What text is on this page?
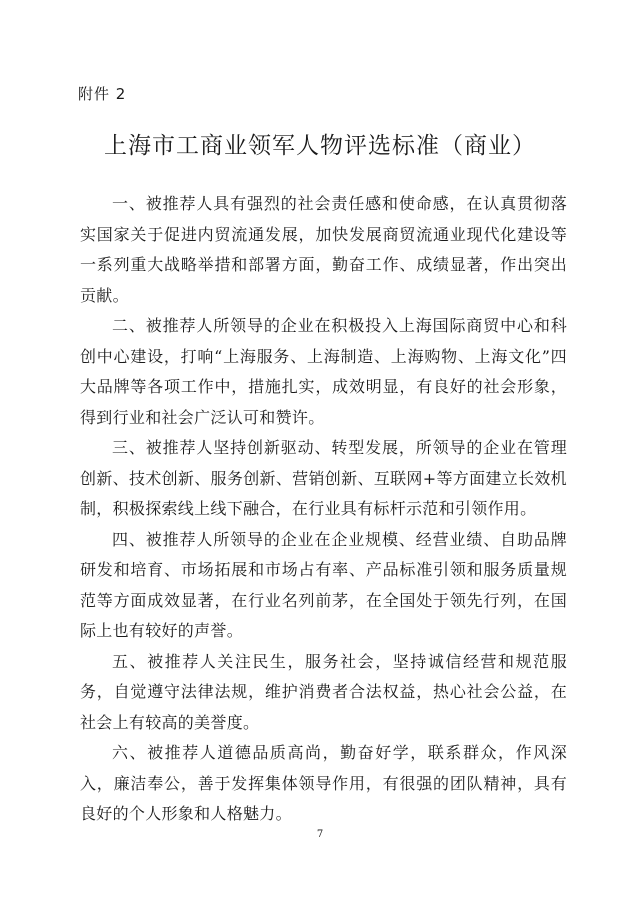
附件 2
上海市工商业领军人物评选标准（商业）

一、被推荐人具有强烈的社会责任感和使命感，在认真贯彻落实国家关于促进内贸流通发展，加快发展商贸流通业现代化建设等一系列重大战略举措和部署方面，勤奋工作、成绩显著，作出突出贡献。

二、被推荐人所领导的企业在积极投入上海国际商贸中心和科创中心建设，打响“上海服务、上海制造、上海购物、上海文化”四大品牌等各项工作中，措施扎实，成效明显，有良好的社会形象，得到行业和社会广泛认可和赞许。

三、被推荐人坚持创新驱动、转型发展，所领导的企业在管理创新、技术创新、服务创新、营销创新、互联网+等方面建立长效机制，积极探索线上线下融合，在行业具有标杆示范和引领作用。

四、被推荐人所领导的企业在企业规模、经营业绩、自助品牌研发和培育、市场拓展和市场占有率、产品标准引领和服务质量规范等方面成效显著，在行业名列前茅，在全国处于领先行列，在国际上也有较好的声誉。

五、被推荐人关注民生，服务社会，坚持诚信经营和规范服务，自觉遵守法律法规，维护消费者合法权益，热心社会公益，在社会上有较高的美誉度。

六、被推荐人道德品质高尚，勤奋好学，联系群众，作风深入，廉洁奉公，善于发挥集体领导作用，有很强的团队精神，具有良好的个人形象和人格魅力。

7
